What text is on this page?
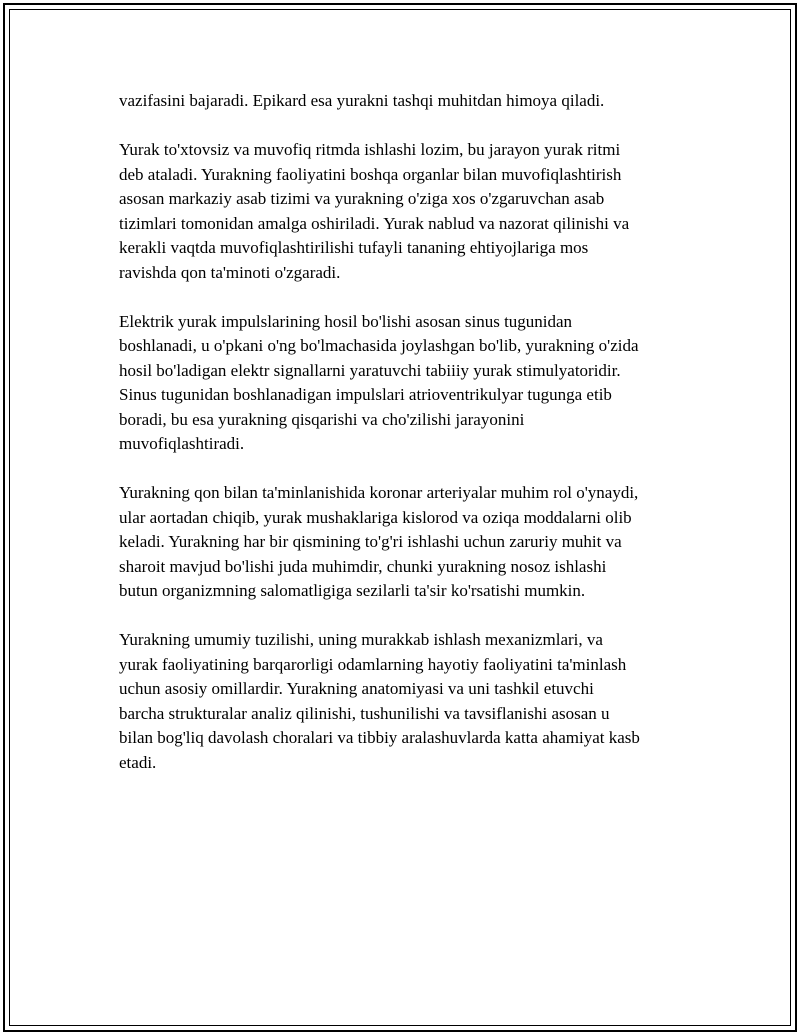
vazifasini bajaradi. Epikard esa yurakni tashqi muhitdan himoya qiladi.

Yurak to'xtovsiz va muvofiq ritmda ishlashi lozim, bu jarayon yurak ritmi
deb ataladi. Yurakning faoliyatini boshqa organlar bilan muvofiqlashtirish
asosan markaziy asab tizimi va yurakning o'ziga xos o'zgaruvchan asab
tizimlari tomonidan amalga oshiriladi. Yurak nablud va nazorat qilinishi va
kerakli vaqtda muvofiqlashtirilishi tufayli tananing ehtiyojlariga mos
ravishda qon ta'minoti o'zgaradi.

Elektrik yurak impulslarining hosil bo'lishi asosan sinus tugunidan
boshlanadi, u o'pkani o'ng bo'lmachasida joylashgan bo'lib, yurakning o'zida
hosil bo'ladigan elektr signallarni yaratuvchi tabiiiy yurak stimulyatoridir.
Sinus tugunidan boshlanadigan impulslari atrioventrikulyar tugunga etib
boradi, bu esa yurakning qisqarishi va cho'zilishi jarayonini
muvofiqlashtiradi.

Yurakning qon bilan ta'minlanishida koronar arteriyalar muhim rol o'ynaydi,
ular aortadan chiqib, yurak mushaklariga kislorod va oziqa moddalarni olib
keladi. Yurakning har bir qismining to'g'ri ishlashi uchun zaruriy muhit va
sharoit mavjud bo'lishi juda muhimdir, chunki yurakning nosoz ishlashi
butun organizmning salomatligiga sezilarli ta'sir ko'rsatishi mumkin.

Yurakning umumiy tuzilishi, uning murakkab ishlash mexanizmlari, va
yurak faoliyatining barqarorligi odamlarning hayotiy faoliyatini ta'minlash
uchun asosiy omillardir. Yurakning anatomiyasi va uni tashkil etuvchi
barcha strukturalar analiz qilinishi, tushunilishi va tavsiflanishi asosan u
bilan bog'liq davolash choralari va tibbiy aralashuvlarda katta ahamiyat kasb
etadi.
